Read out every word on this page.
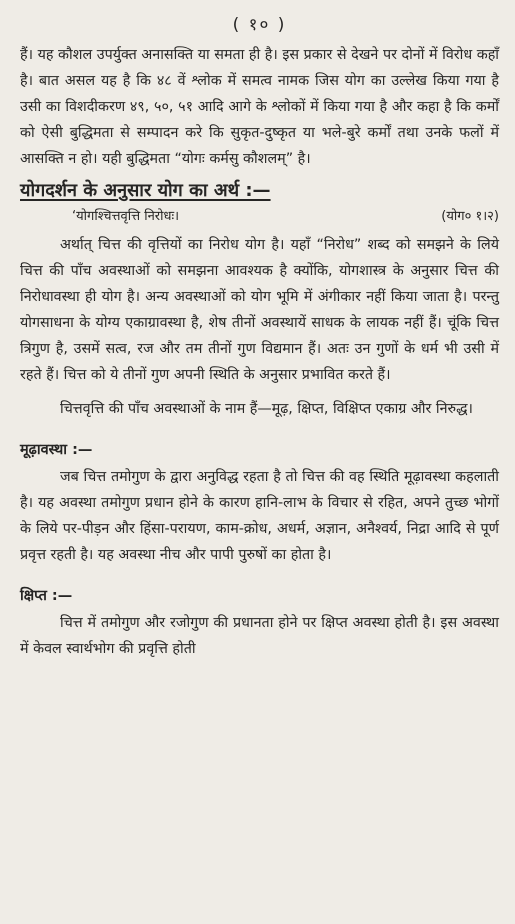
( १० )

हैं। यह कौशल उपर्युक्त अनासक्ति या समता ही है। इस प्रकार से देखने पर दोनों में विरोध कहाँ है। बात असल यह है कि ४८ वें श्लोक में समत्व नामक जिस योग का उल्लेख किया गया है उसी का विशदीकरण ४९, ५०, ५१ आदि आगे के श्लोकों में किया गया है और कहा है कि कर्मों को ऐसी बुद्धिमता से सम्पादन करे कि सुकृत-दुष्कृत या भले-बुरे कर्मों तथा उनके फलों में आसक्ति न हो। यही बुद्धिमता “योगः कर्मसु कौशलम्” है।

योगदर्शन के अनुसार योग का अर्थ :—
‘योगश्चित्तवृत्ति निरोधः।	(योग० १।२)

अर्थात् चित्त की वृत्तियों का निरोध योग है। यहाँ “निरोध” शब्द को समझने के लिये चित्त की पाँच अवस्थाओं को समझना आवश्यक है क्योंकि, योगशास्त्र के अनुसार चित्त की निरोधावस्था ही योग है। अन्य अवस्थाओं को योग भूमि में अंगीकार नहीं किया जाता है। परन्तु योगसाधना के योग्य एकाग्रावस्था है, शेष तीनों अवस्थायें साधक के लायक नहीं हैं। चूंकि चित्त त्रिगुण है, उसमें सत्व, रज और तम तीनों गुण विद्यमान हैं। अतः उन गुणों के धर्म भी उसी में रहते हैं। चित्त को ये तीनों गुण अपनी स्थिति के अनुसार प्रभावित करते हैं।

चित्तवृत्ति की पाँच अवस्थाओं के नाम हैं—मूढ़, क्षिप्त, विक्षिप्त एकाग्र और निरुद्ध।

मूढ़ावस्था :—

जब चित्त तमोगुण के द्वारा अनुविद्ध रहता है तो चित्त की वह स्थिति मूढ़ावस्था कहलाती है। यह अवस्था तमोगुण प्रधान होने के कारण हानि-लाभ के विचार से रहित, अपने तुच्छ भोगों के लिये पर-पीड़न और हिंसा-परायण, काम-क्रोध, अधर्म, अज्ञान, अनैश्वर्य, निद्रा आदि से पूर्ण प्रवृत्त रहती है। यह अवस्था नीच और पापी पुरुषों का होता है।

क्षिप्त :—

चित्त में तमोगुण और रजोगुण की प्रधानता होने पर क्षिप्त अवस्था होती है। इस अवस्था में केवल स्वार्थभोग की प्रवृत्ति होती
